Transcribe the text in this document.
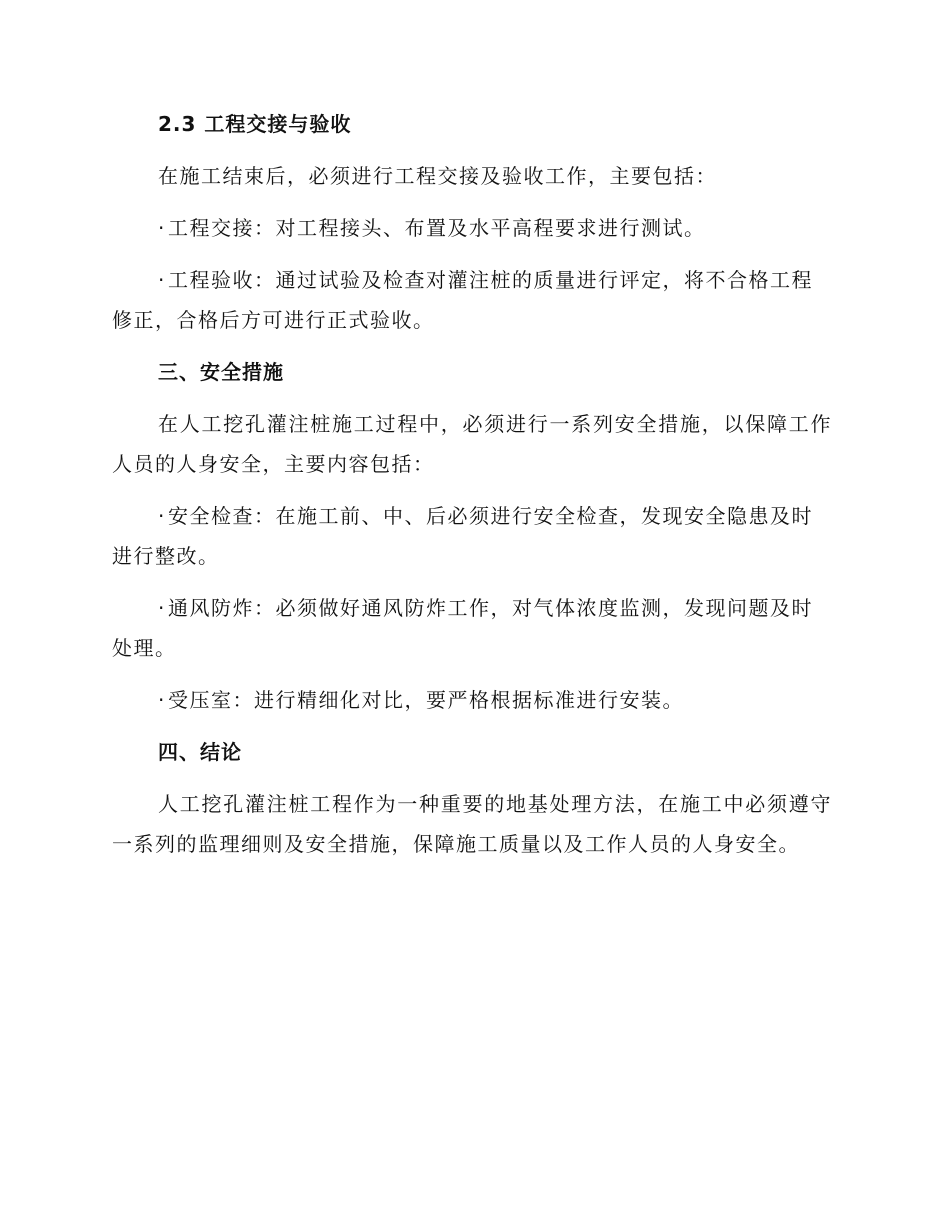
2.3 工程交接与验收

在施工结束后，必须进行工程交接及验收工作，主要包括：

· 工程交接：对工程接头、布置及水平高程要求进行测试。

· 工程验收：通过试验及检查对灌注桩的质量进行评定，将不合格工程修正，合格后方可进行正式验收。

三、安全措施

在人工挖孔灌注桩施工过程中，必须进行一系列安全措施，以保障工作人员的人身安全，主要内容包括：

· 安全检查：在施工前、中、后必须进行安全检查，发现安全隐患及时进行整改。

· 通风防炸：必须做好通风防炸工作，对气体浓度监测，发现问题及时处理。

· 受压室：进行精细化对比，要严格根据标准进行安装。

四、结论

人工挖孔灌注桩工程作为一种重要的地基处理方法，在施工中必须遵守一系列的监理细则及安全措施，保障施工质量以及工作人员的人身安全。
